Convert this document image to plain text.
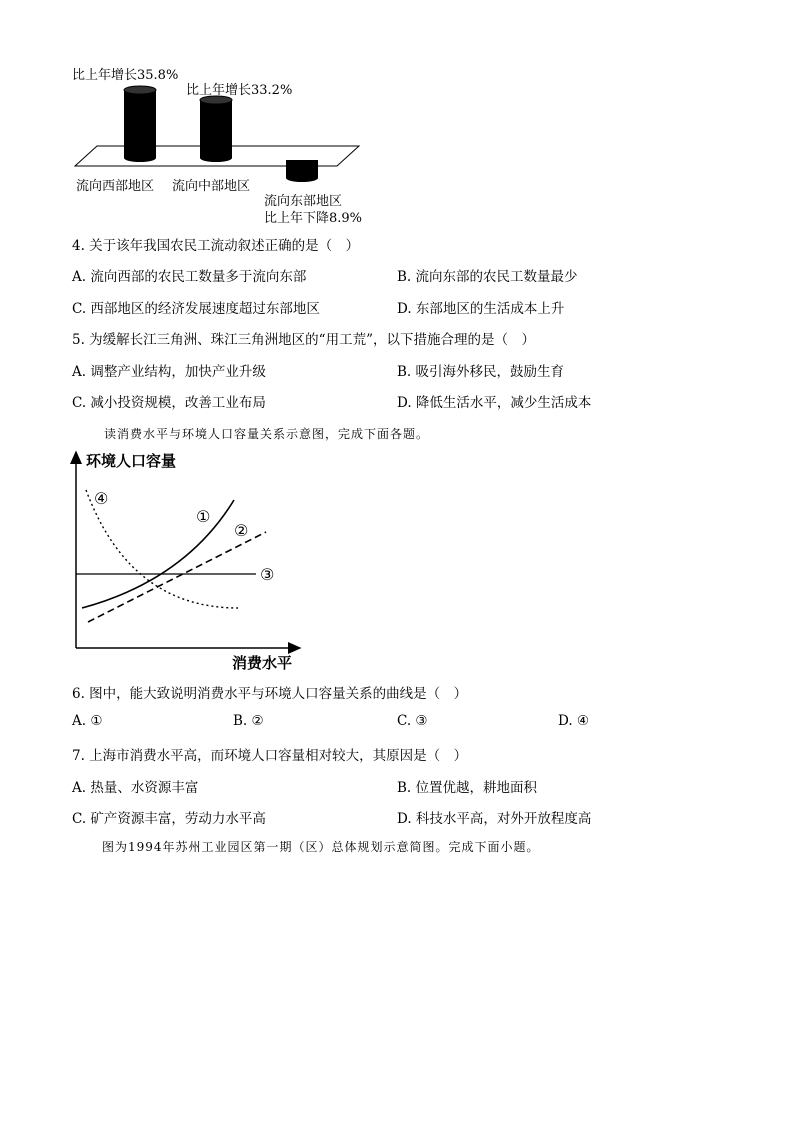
比上年增长35.8%
比上年增长33.2%
流向西部地区 流向中部地区
流向东部地区
比上年下降8.9%
4. 关于该年我国农民工流动叙述正确的是（　）
A. 流向西部的农民工数量多于流向东部	B. 流向东部的农民工数量最少
C. 西部地区的经济发展速度超过东部地区	D. 东部地区的生活成本上升
5. 为缓解长江三角洲、珠江三角洲地区的“用工荒”，以下措施合理的是（　）
A. 调整产业结构，加快产业升级	B. 吸引海外移民，鼓励生育
C. 减小投资规模，改善工业布局	D. 降低生活水平，减少生活成本
读消费水平与环境人口容量关系示意图，完成下面各题。
①
②
③
④
环境人口容量
消费水平
6. 图中，能大致说明消费水平与环境人口容量关系的曲线是（　）
A. ①	B. ②	C. ③	D. ④
7. 上海市消费水平高，而环境人口容量相对较大，其原因是（　）
A. 热量、水资源丰富	B. 位置优越，耕地面积
C. 矿产资源丰富，劳动力水平高	D. 科技水平高，对外开放程度高
图为1994年苏州工业园区第一期（区）总体规划示意简图。完成下面小题。
